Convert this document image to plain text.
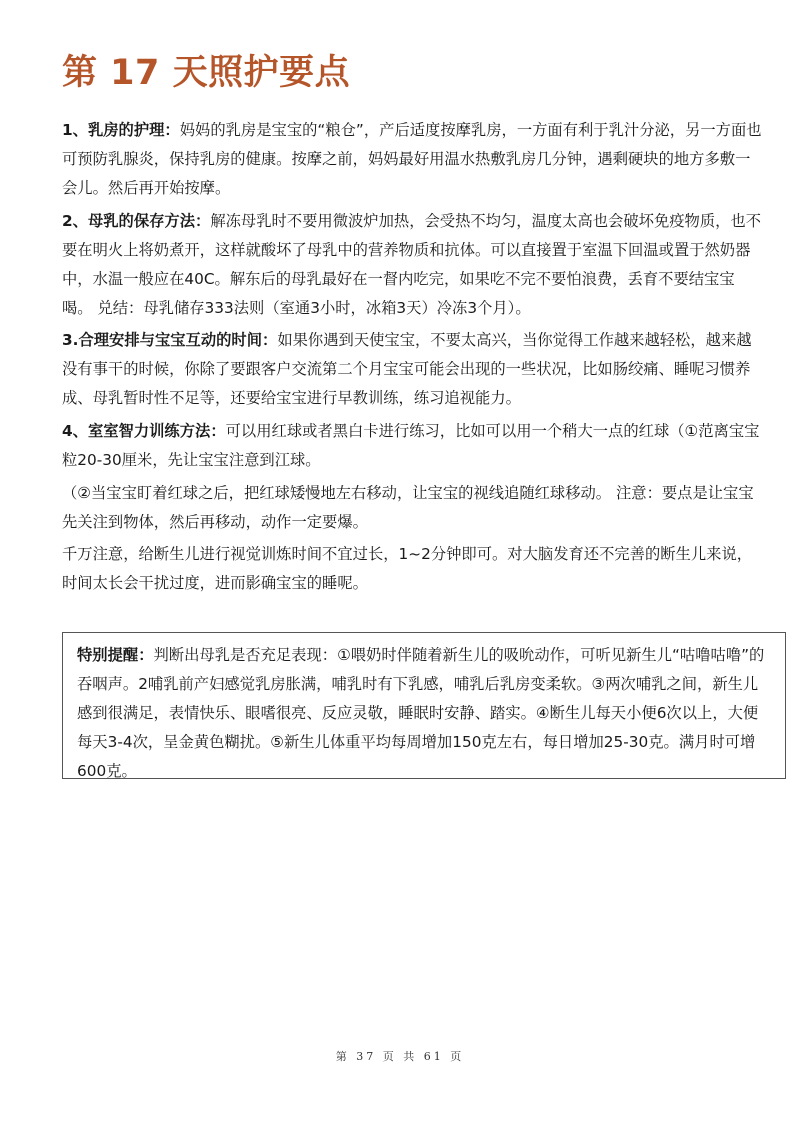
第 17 天照护要点

1、乳房的护理：妈妈的乳房是宝宝的“粮仓”，产后适度按摩乳房，一方面有利于乳汁分泌，另一方面也可预防乳腺炎，保持乳房的健康。按摩之前，妈妈最好用温水热敷乳房几分钟，遇剩硬块的地方多敷一会儿。然后再开始按摩。

2、母乳的保存方法：解冻母乳时不要用微波炉加热，会受热不均匀，温度太高也会破坏免疫物质，也不要在明火上将奶煮开，这样就酸坏了母乳中的营养物质和抗体。可以直接置于室温下回温或置于然奶器中，水温一般应在40C。解东后的母乳最好在一督内吃完，如果吃不完不要怕浪费，丢育不要结宝宝喝。 兑结：母乳储存333法则（室通3小时，冰箱3天）冷冻3个月）。

3.合理安排与宝宝互动的时间：如果你遇到天使宝宝，不要太高兴，当你觉得工作越来越轻松，越来越没有事干的时候，你除了要跟客户交流第二个月宝宝可能会出现的一些状况，比如肠绞痛、睡呢习惯养成、母乳暂时性不足等，还要给宝宝进行早教训练，练习追视能力。

4、室室智力训练方法：可以用红球或者黑白卡进行练习，比如可以用一个稍大一点的红球（①范离宝宝粒20-30厘米，先让宝宝注意到江球。

（②当宝宝盯着红球之后，把红球矮慢地左右移动，让宝宝的视线追随红球移动。 注意：要点是让宝宝先关注到物体，然后再移动，动作一定要爆。

千万注意，给断生儿进行视觉训炼时间不宜过长，1~2分钟即可。对大脑发育还不完善的断生儿来说，时间太长会干扰过度，进而影确宝宝的睡呢。

特别提醒：判断出母乳是否充足表现：①喂奶时伴随着新生儿的吸吮动作，可听见新生儿“咕噜咕噜”的吞咽声。2哺乳前产妇感觉乳房胀满，哺乳时有下乳感，哺乳后乳房变柔软。③两次哺乳之间，新生儿感到很满足，表情快乐、眼嗜很亮、反应灵敬，睡眠时安静、踏实。④断生儿每天小便6次以上，大便每天3-4次，呈金黄色糊扰。⑤新生儿体重平均每周增加150克左右，每日增加25-30克。满月时可增600克。
第 37 页 共 61 页
